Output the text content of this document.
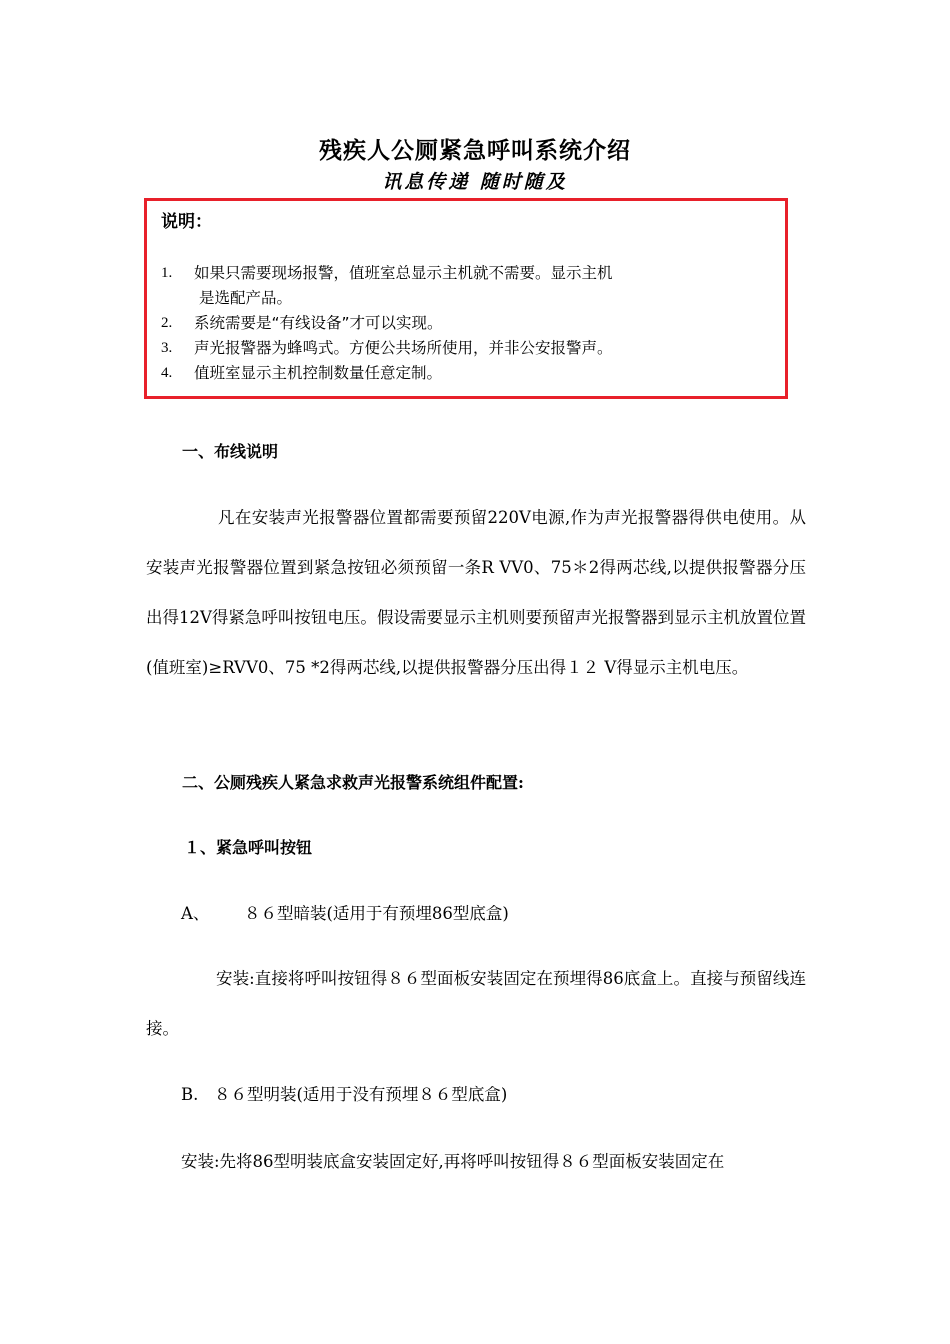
残疾人公厕紧急呼叫系统介绍
讯息传递 随时随及
说明：
1.	如果只需要现场报警，值班室总显示主机就不需要。显示主机
是选配产品。
2.	系统需要是“有线设备”才可以实现。
3.	声光报警器为蜂鸣式。方便公共场所使用，并非公安报警声。
4.	值班室显示主机控制数量任意定制。
一、布线说明
凡在安装声光报警器位置都需要预留220V电源,作为声光报警器得供电使用。从安装声光报警器位置到紧急按钮必须预留一条R VV0、75＊2得两芯线,以提供报警器分压出得12V得紧急呼叫按钮电压。假设需要显示主机则要预留声光报警器到显示主机放置位置(值班室)≥RVV0、75 *2得两芯线,以提供报警器分压出得１２ V得显示主机电压。
二、公厕残疾人紧急求救声光报警系统组件配置:
１、紧急呼叫按钮
A、 ８６型暗装(适用于有预埋86型底盒)
安装:直接将呼叫按钮得８６型面板安装固定在预埋得86底盒上。直接与预留线连接。
B. ８６型明装(适用于没有预埋８６型底盒)
安装:先将86型明装底盒安装固定好,再将呼叫按钮得８６型面板安装固定在
